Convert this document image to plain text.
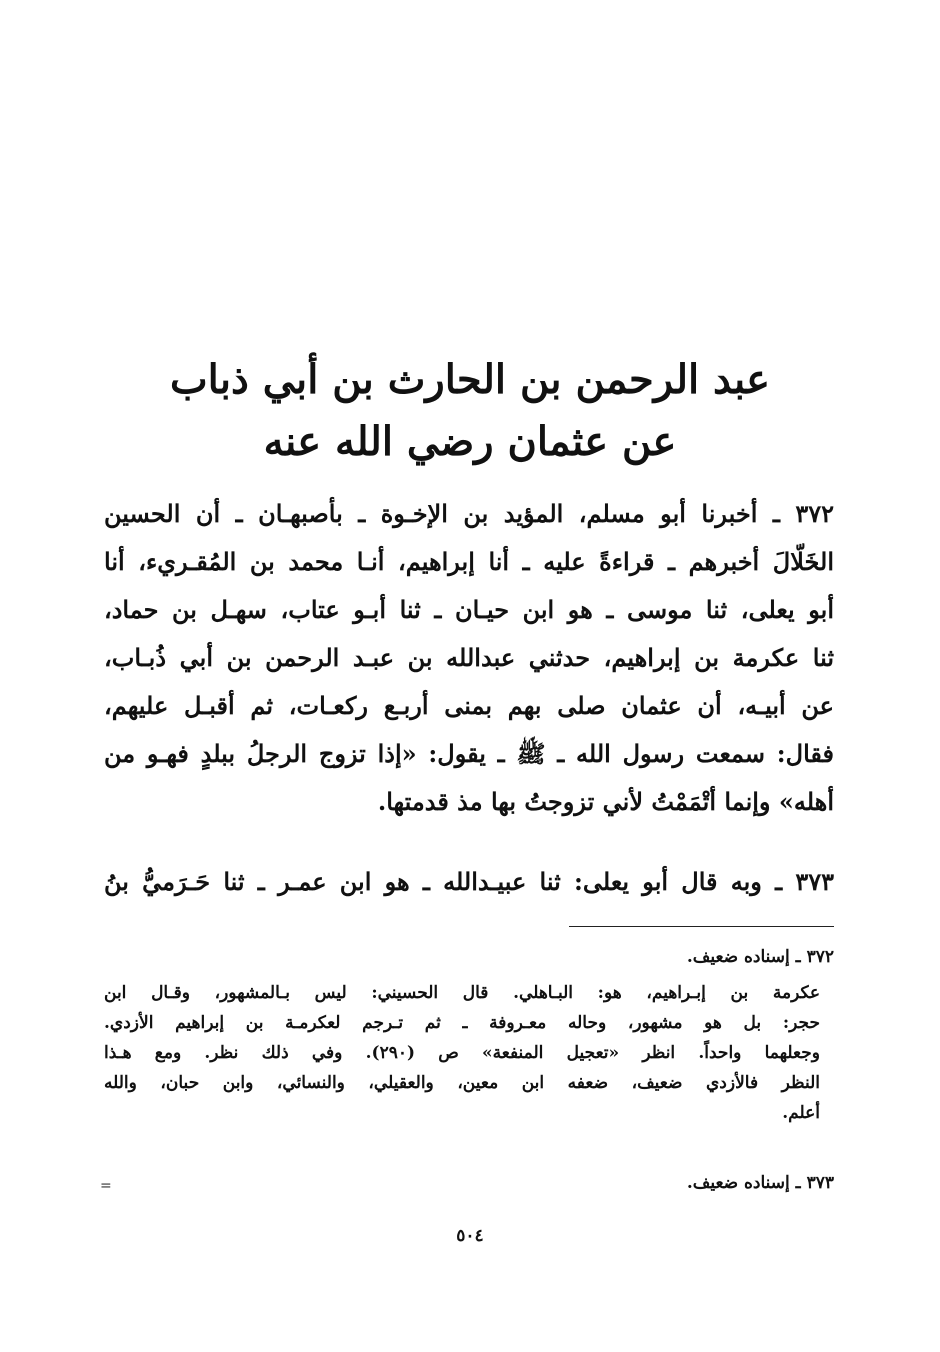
عبد الرحمن بن الحارث بن أبي ذباب
عن عثمان رضي الله عنه
٣٧٢ ـ أخبرنا أبو مسلم، المؤيد بن الإخـوة ـ بأصبهـان ـ أن الحسين
الخَلّالَ أخبرهم ـ قراءةً عليه ـ أنا إبراهيم، أنـا محمد بن المُقـريء، أنا
أبو يعلى، ثنا موسى ـ هو ابن حيـان ـ ثنا أبـو عتاب، سهـل بن حماد،
ثنا عكرمة بن إبراهيم، حدثني عبدالله بن عبـد الرحمن بن أبي ذُبـاب،
عن أبيـه، أن عثمان صلى بهم بمنى أربـع ركعـات، ثم أقبـل عليهم،
فقال: سمعت رسول الله ـ ﷺ ـ يقول: «إذا تزوج الرجلُ ببلدٍ فهـو من
أهله» وإنما أتْمَمْتُ لأني تزوجتُ بها مذ قدمتها.
٣٧٣ ـ وبه قال أبو يعلى: ثنا عبيـدالله ـ هو ابن عمـر ـ ثنا حَـرَميُّ بنُ
٣٧٢ ـ إسناده ضعيف.
عكرمة بن إبـراهيم، هو: البـاهلي. قال الحسيني: ليس بـالمشهور، وقـال ابن
حجر: بل هو مشهور، وحاله معـروفة ـ ثم تـرجم لعكرمـة بن إبراهيم الأزدي.
وجعلهما واحداً. انظر «تعجيل المنفعة» ص (٢٩٠). وفي ذلك نظر. ومع هـذا
النظر فالأزدي ضعيف، ضعفه ابن معين، والعقيلي، والنسائي، وابن حبان، والله
أعلم.
٣٧٣ ـ إسناده ضعيف.
=
٥٠٤
